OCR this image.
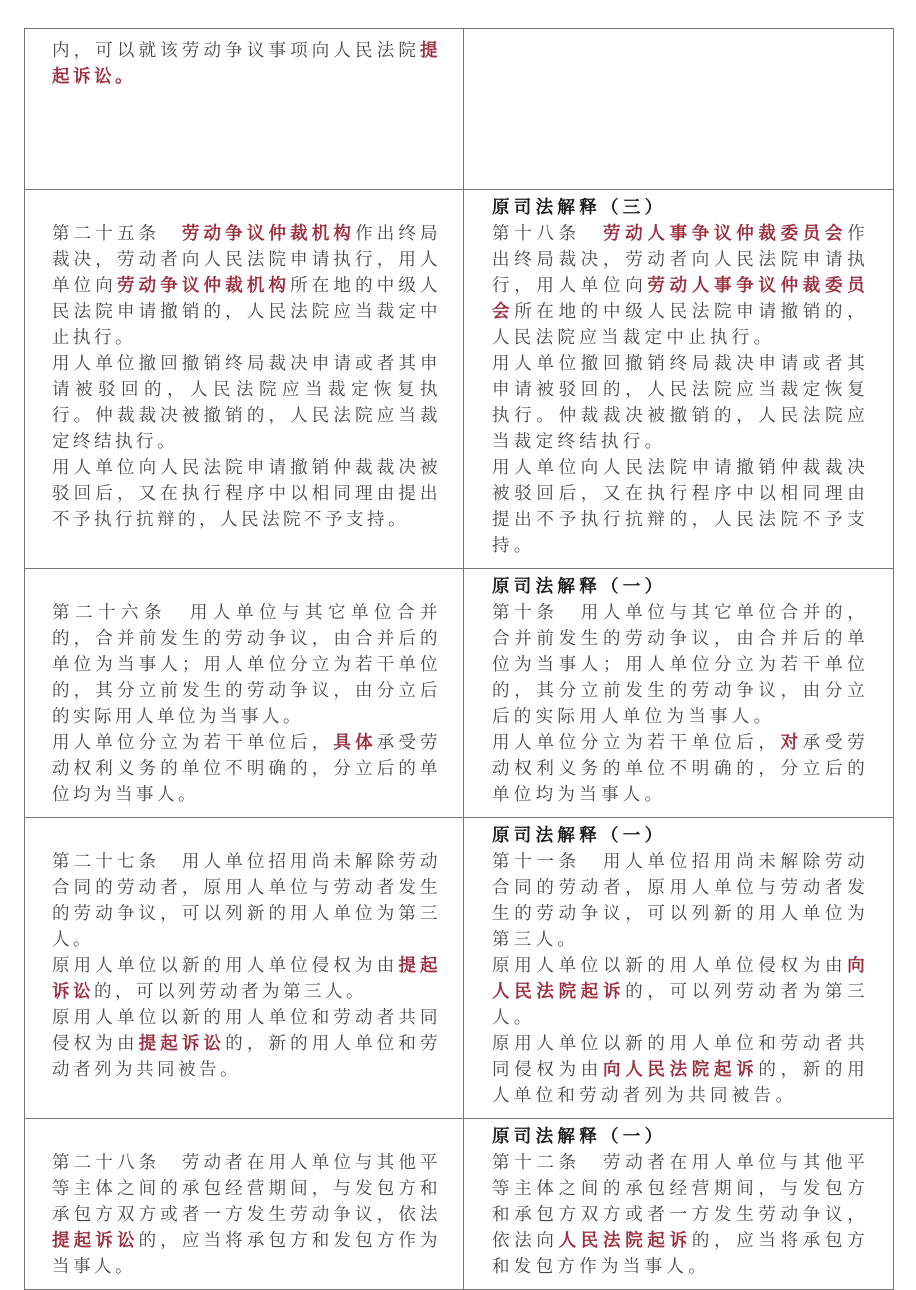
内，可以就该劳动争议事项向人民法院提起诉讼。

第二十五条　劳动争议仲裁机构作出终局裁决，劳动者向人民法院申请执行，用人单位向劳动争议仲裁机构所在地的中级人民法院申请撤销的，人民法院应当裁定中止执行。

用人单位撤回撤销终局裁决申请或者其申请被驳回的，人民法院应当裁定恢复执行。仲裁裁决被撤销的，人民法院应当裁定终结执行。

用人单位向人民法院申请撤销仲裁裁决被驳回后，又在执行程序中以相同理由提出不予执行抗辩的，人民法院不予支持。

原司法解释（三）

第十八条　劳动人事争议仲裁委员会作出终局裁决，劳动者向人民法院申请执行，用人单位向劳动人事争议仲裁委员会所在地的中级人民法院申请撤销的，人民法院应当裁定中止执行。

用人单位撤回撤销终局裁决申请或者其申请被驳回的，人民法院应当裁定恢复执行。仲裁裁决被撤销的，人民法院应当裁定终结执行。

用人单位向人民法院申请撤销仲裁裁决被驳回后，又在执行程序中以相同理由提出不予执行抗辩的，人民法院不予支持。

第二十六条　用人单位与其它单位合并的，合并前发生的劳动争议，由合并后的单位为当事人；用人单位分立为若干单位的，其分立前发生的劳动争议，由分立后的实际用人单位为当事人。

用人单位分立为若干单位后，具体承受劳动权利义务的单位不明确的，分立后的单位均为当事人。

原司法解释（一）

第十条　用人单位与其它单位合并的，合并前发生的劳动争议，由合并后的单位为当事人；用人单位分立为若干单位的，其分立前发生的劳动争议，由分立后的实际用人单位为当事人。

用人单位分立为若干单位后，对承受劳动权利义务的单位不明确的，分立后的单位均为当事人。

第二十七条　用人单位招用尚未解除劳动合同的劳动者，原用人单位与劳动者发生的劳动争议，可以列新的用人单位为第三人。

原用人单位以新的用人单位侵权为由提起诉讼的，可以列劳动者为第三人。

原用人单位以新的用人单位和劳动者共同侵权为由提起诉讼的，新的用人单位和劳动者列为共同被告。

原司法解释（一）

第十一条　用人单位招用尚未解除劳动合同的劳动者，原用人单位与劳动者发生的劳动争议，可以列新的用人单位为第三人。

原用人单位以新的用人单位侵权为由向人民法院起诉的，可以列劳动者为第三人。

原用人单位以新的用人单位和劳动者共同侵权为由向人民法院起诉的，新的用人单位和劳动者列为共同被告。

第二十八条　劳动者在用人单位与其他平等主体之间的承包经营期间，与发包方和承包方双方或者一方发生劳动争议，依法提起诉讼的，应当将承包方和发包方作为当事人。

原司法解释（一）

第十二条　劳动者在用人单位与其他平等主体之间的承包经营期间，与发包方和承包方双方或者一方发生劳动争议，依法向人民法院起诉的，应当将承包方和发包方作为当事人。
